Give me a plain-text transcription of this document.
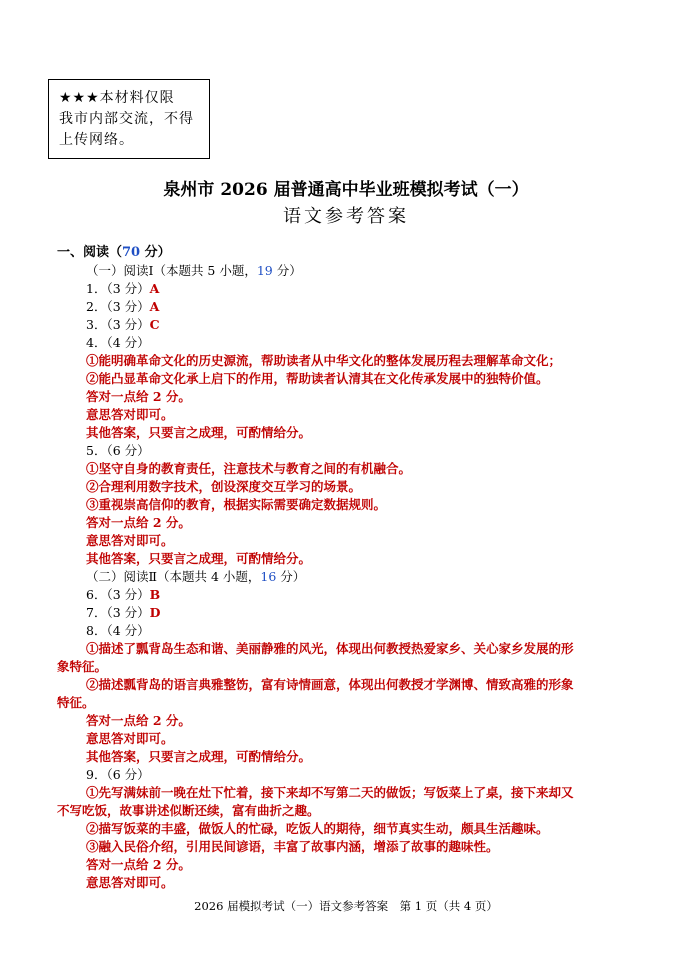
★★★本材料仅限
我市内部交流，不得
上传网络。
泉州市 2026 届普通高中毕业班模拟考试（一）
语文参考答案
一、阅读（70 分）
（一）阅读Ⅰ（本题共 5 小题，19 分）
1．（3 分）A
2．（3 分）A
3．（3 分）C
4．（4 分）
①能明确革命文化的历史源流，帮助读者从中华文化的整体发展历程去理解革命文化；
②能凸显革命文化承上启下的作用，帮助读者认清其在文化传承发展中的独特价值。
答对一点给 2 分。
意思答对即可。
其他答案，只要言之成理，可酌情给分。
5．（6 分）
①坚守自身的教育责任，注意技术与教育之间的有机融合。
②合理利用数字技术，创设深度交互学习的场景。
③重视崇高信仰的教育，根据实际需要确定数据规则。
答对一点给 2 分。
意思答对即可。
其他答案，只要言之成理，可酌情给分。
（二）阅读Ⅱ（本题共 4 小题，16 分）
6．（3 分）B
7．（3 分）D
8．（4 分）
①描述了瓢背岛生态和谐、美丽静雅的风光，体现出何教授热爱家乡、关心家乡发展的形
象特征。
②描述瓢背岛的语言典雅整饬，富有诗情画意，体现出何教授才学渊博、情致高雅的形象
特征。
答对一点给 2 分。
意思答对即可。
其他答案，只要言之成理，可酌情给分。
9．（6 分）
①先写满妹前一晚在灶下忙着，接下来却不写第二天的做饭；写饭菜上了桌，接下来却又
不写吃饭，故事讲述似断还续，富有曲折之趣。
②描写饭菜的丰盛，做饭人的忙碌，吃饭人的期待，细节真实生动，颇具生活趣味。
③融入民俗介绍，引用民间谚语，丰富了故事内涵，增添了故事的趣味性。
答对一点给 2 分。
意思答对即可。
2026 届模拟考试（一）语文参考答案　第 1 页（共 4 页）
